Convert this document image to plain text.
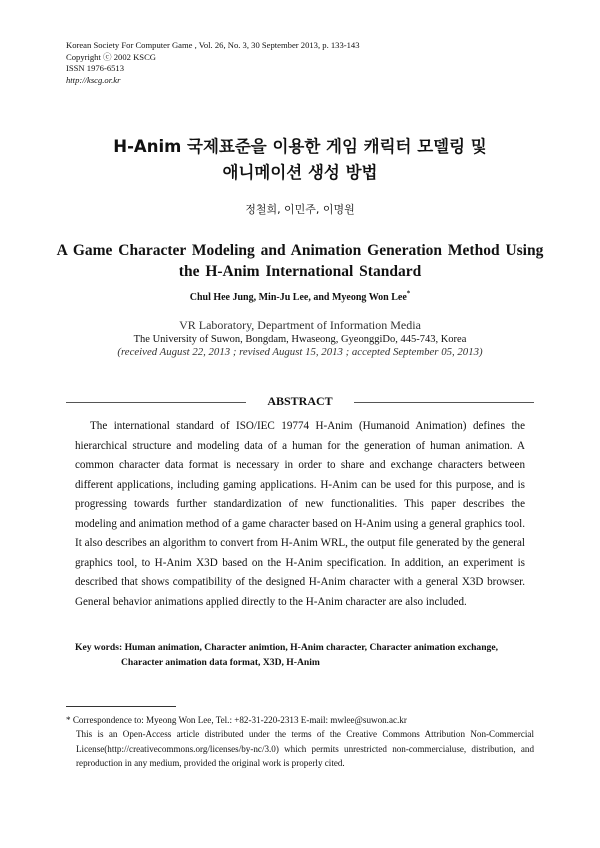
Korean Society For Computer Game , Vol. 26, No. 3, 30 September 2013, p. 133-143
Copyright ⓒ 2002 KSCG
ISSN 1976-6513
http://kscg.or.kr
H-Anim 국제표준을 이용한 게임 캐릭터 모델링 및
애니메이션 생성 방법
정철희, 이민주, 이명원
A Game Character Modeling and Animation Generation Method Using
the H-Anim International Standard
Chul Hee Jung, Min-Ju Lee, and Myeong Won Lee*
VR Laboratory, Department of Information Media
The University of Suwon, Bongdam, Hwaseong, GyeonggiDo, 445-743, Korea
(received August 22, 2013 ; revised August 15, 2013 ; accepted September 05, 2013)
ABSTRACT

The international standard of ISO/IEC 19774 H-Anim (Humanoid Animation) defines the hierarchical structure and modeling data of a human for the generation of human animation. A common character data format is necessary in order to share and exchange characters between different applications, including gaming applications. H-Anim can be used for this purpose, and is progressing towards further standardization of new functionalities. This paper describes the modeling and animation method of a game character based on H-Anim using a general graphics tool. It also describes an algorithm to convert from H-Anim WRL, the output file generated by the general graphics tool, to H-Anim X3D based on the H-Anim specification. In addition, an experiment is described that shows compatibility of the designed H-Anim character with a general X3D browser. General behavior animations applied directly to the H-Anim character are also included.

Key words: Human animation, Character animtion, H-Anim character, Character animation exchange, Character animation data format, X3D, H-Anim
* Correspondence to: Myeong Won Lee, Tel.: +82-31-220-2313 E-mail: mwlee@suwon.ac.kr
This is an Open-Access article distributed under the terms of the Creative Commons Attribution Non-Commercial License(http://creativecommons.org/licenses/by-nc/3.0) which permits unrestricted non-commercialuse, distribution, and reproduction in any medium, provided the original work is properly cited.
